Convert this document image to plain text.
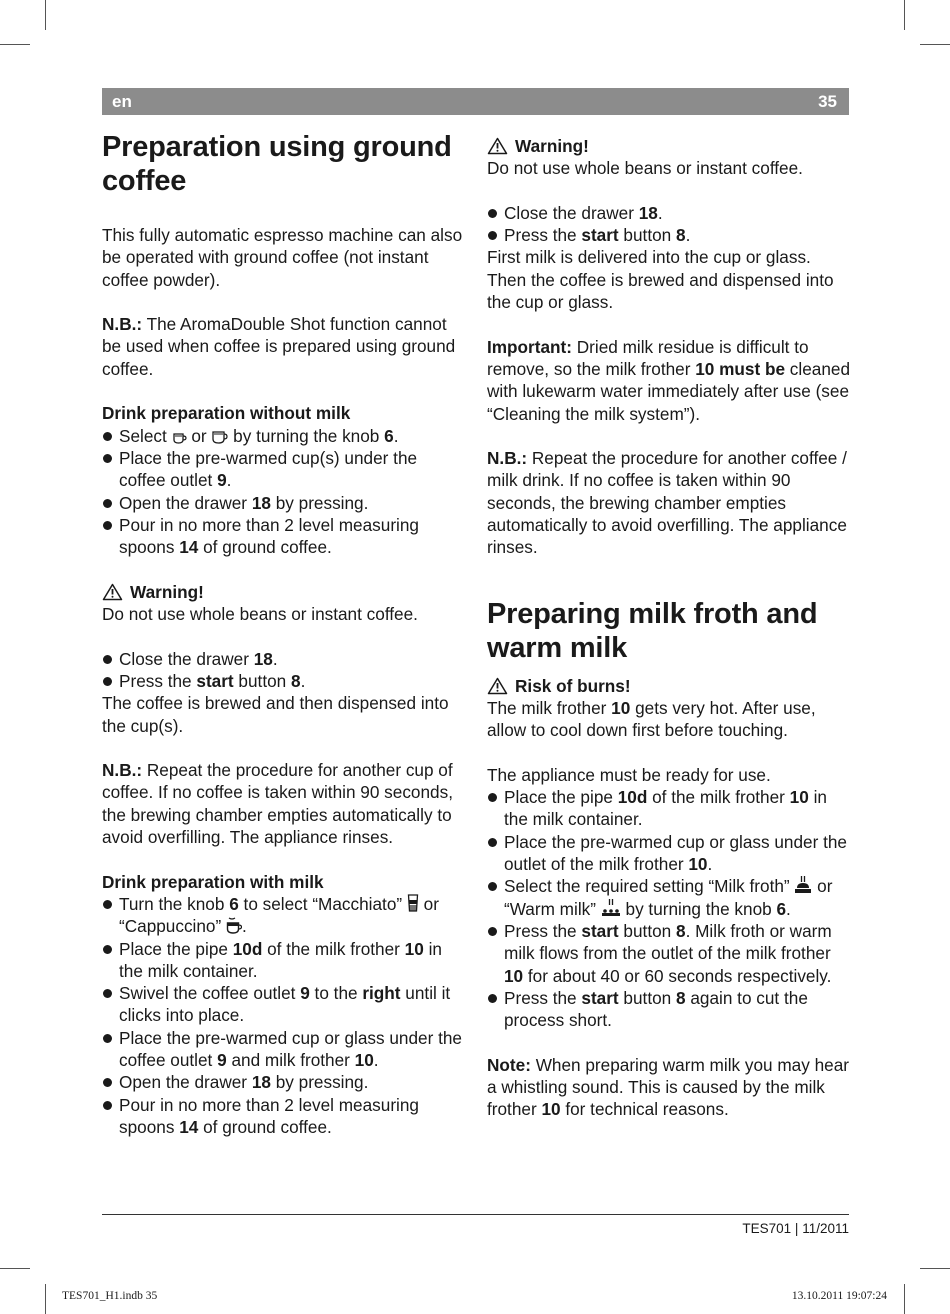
en	35
Preparation using ground coffee

This fully automatic espresso machine can also be operated with ground coffee (not instant coffee powder).

N.B.: The AromaDouble Shot function cannot be used when coffee is prepared using ground coffee.

Drink preparation without milk

Select  or  by turning the knob 6.
Place the pre-warmed cup(s) under the coffee outlet 9.
Open the drawer 18 by pressing.
Pour in no more than 2 level measuring spoons 14 of ground coffee.

Warning!

Do not use whole beans or instant coffee.

Close the drawer 18.
Press the start button 8.

The coffee is brewed and then dispensed into the cup(s).

N.B.: Repeat the procedure for another cup of coffee. If no coffee is taken within 90 seconds, the brewing chamber empties automatically to avoid overfilling. The appliance rinses.

Drink preparation with milk

Turn the knob 6 to select “Macchiato”  or “Cappuccino” .
Place the pipe 10d of the milk frother 10 in the milk container.
Swivel the coffee outlet 9 to the right until it clicks into place.
Place the pre-warmed cup or glass under the coffee outlet 9 and milk frother 10.
Open the drawer 18 by pressing.
Pour in no more than 2 level measuring spoons 14 of ground coffee.

Warning!

Do not use whole beans or instant coffee.

Close the drawer 18.
Press the start button 8.

First milk is delivered into the cup or glass. Then the coffee is brewed and dispensed into the cup or glass.

Important: Dried milk residue is difficult to remove, so the milk frother 10 must be cleaned with lukewarm water immediately after use (see “Cleaning the milk system”).

N.B.: Repeat the procedure for another coffee / milk drink. If no coffee is taken within 90 seconds, the brewing chamber empties automatically to avoid overfilling. The appliance rinses.

Preparing milk froth and warm milk

Risk of burns!

The milk frother 10 gets very hot. After use, allow to cool down first before touching.

The appliance must be ready for use.

Place the pipe 10d of the milk frother 10 in the milk container.
Place the pre-warmed cup or glass under the outlet of the milk frother 10.
Select the required setting “Milk froth”  or “Warm milk”  by turning the knob 6.
Press the start button 8. Milk froth or warm milk flows from the outlet of the milk frother 10 for about 40 or 60 seconds respectively.
Press the start button 8 again to cut the process short.

Note: When preparing warm milk you may hear a whistling sound. This is caused by the milk frother 10 for technical reasons.

TES701 | 11/2011
TES701_H1.indb 35	13.10.2011 19:07:24
